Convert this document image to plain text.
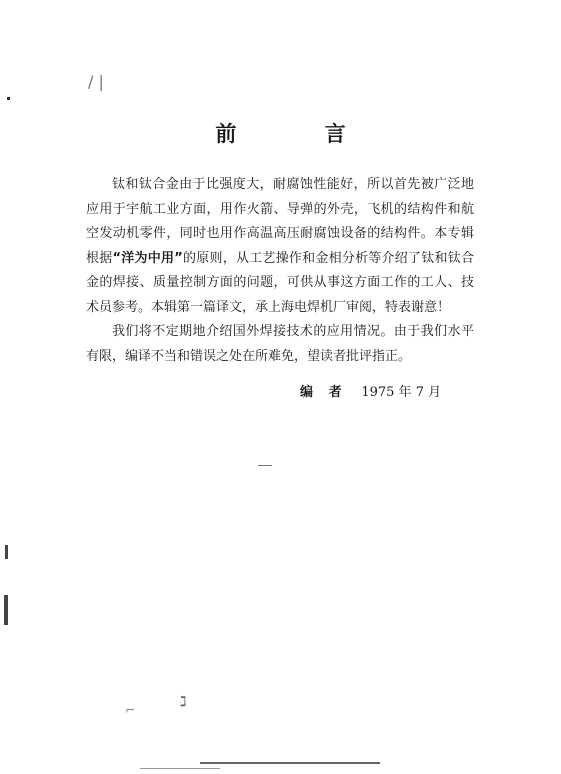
/ |
⌐	ℷ
前　言

钛和钛合金由于比强度大，耐腐蚀性能好，所以首先被广泛地应用于宇航工业方面，用作火箭、导弹的外壳，飞机的结构件和航空发动机零件，同时也用作高温高压耐腐蚀设备的结构件。本专辑根据“洋为中用”的原则，从工艺操作和金相分析等介绍了钛和钛合金的焊接、质量控制方面的问题，可供从事这方面工作的工人、技术员参考。本辑第一篇译文，承上海电焊机厂审阅，特表谢意！

我们将不定期地介绍国外焊接技术的应用情况。由于我们水平有限，编译不当和错误之处在所难免，望读者批评指正。

编者 1975 年 7 月
